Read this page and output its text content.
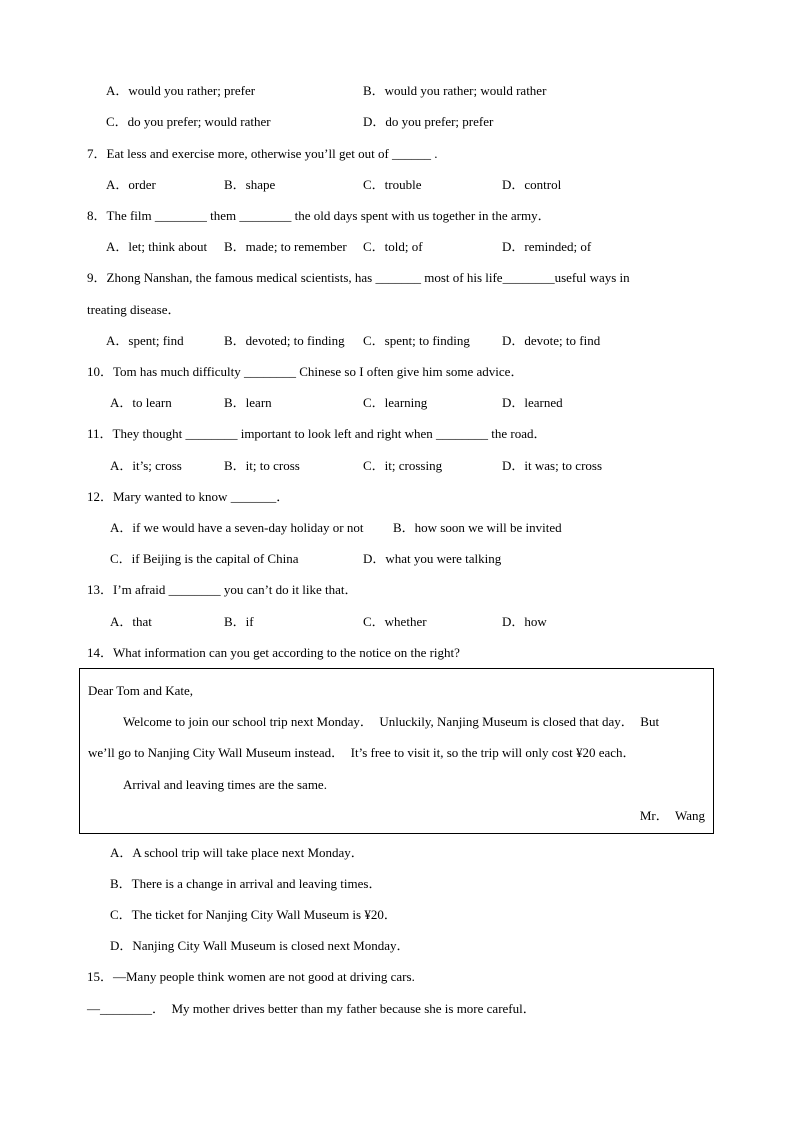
A．would you rather; prefer	B．would you rather; would rather
C．do you prefer; would rather	D．do you prefer; prefer
7．Eat less and exercise more, otherwise you’ll get out of ______ .
A．order	B．shape	C．trouble	D．control
8．The film ________ them ________ the old days spent with us together in the army．
A．let; think about B．made; to remember C．told; of	D．reminded; of
9．Zhong Nanshan, the famous medical scientists, has _______ most of his life________useful ways in
treating disease．
A．spent; find	B．devoted; to finding C．spent; to finding D．devote; to find
10．Tom has much difficulty ________ Chinese so I often give him some advice．
A．to learn	B．learn	C．learning	D．learned
11．They thought ________ important to look left and right when ________ the road．
A．it’s; cross	B．it; to cross	C．it; crossing	D．it was; to cross
12．Mary wanted to know _______．
A．if we would have a seven-day holiday or not B．how soon we will be invited
C．if Beijing is the capital of China	D．what you were talking
13．I’m afraid ________ you can’t do it like that．
A．that	B．if	C．whether	D．how
14．What information can you get according to the notice on the right?
Dear Tom and Kate,
Welcome to join our school trip next Monday．  Unluckily, Nanjing Museum is closed that day．  But
we’ll go to Nanjing City Wall Museum instead．  It’s free to visit it, so the trip will only cost ¥20 each．
Arrival and leaving times are the same.
Mr．  Wang
A．A school trip will take place next Monday．
B．There is a change in arrival and leaving times．
C．The ticket for Nanjing City Wall Museum is ¥20．
D．Nanjing City Wall Museum is closed next Monday．
15．—Many people think women are not good at driving cars.
—________．  My mother drives better than my father because she is more careful．
